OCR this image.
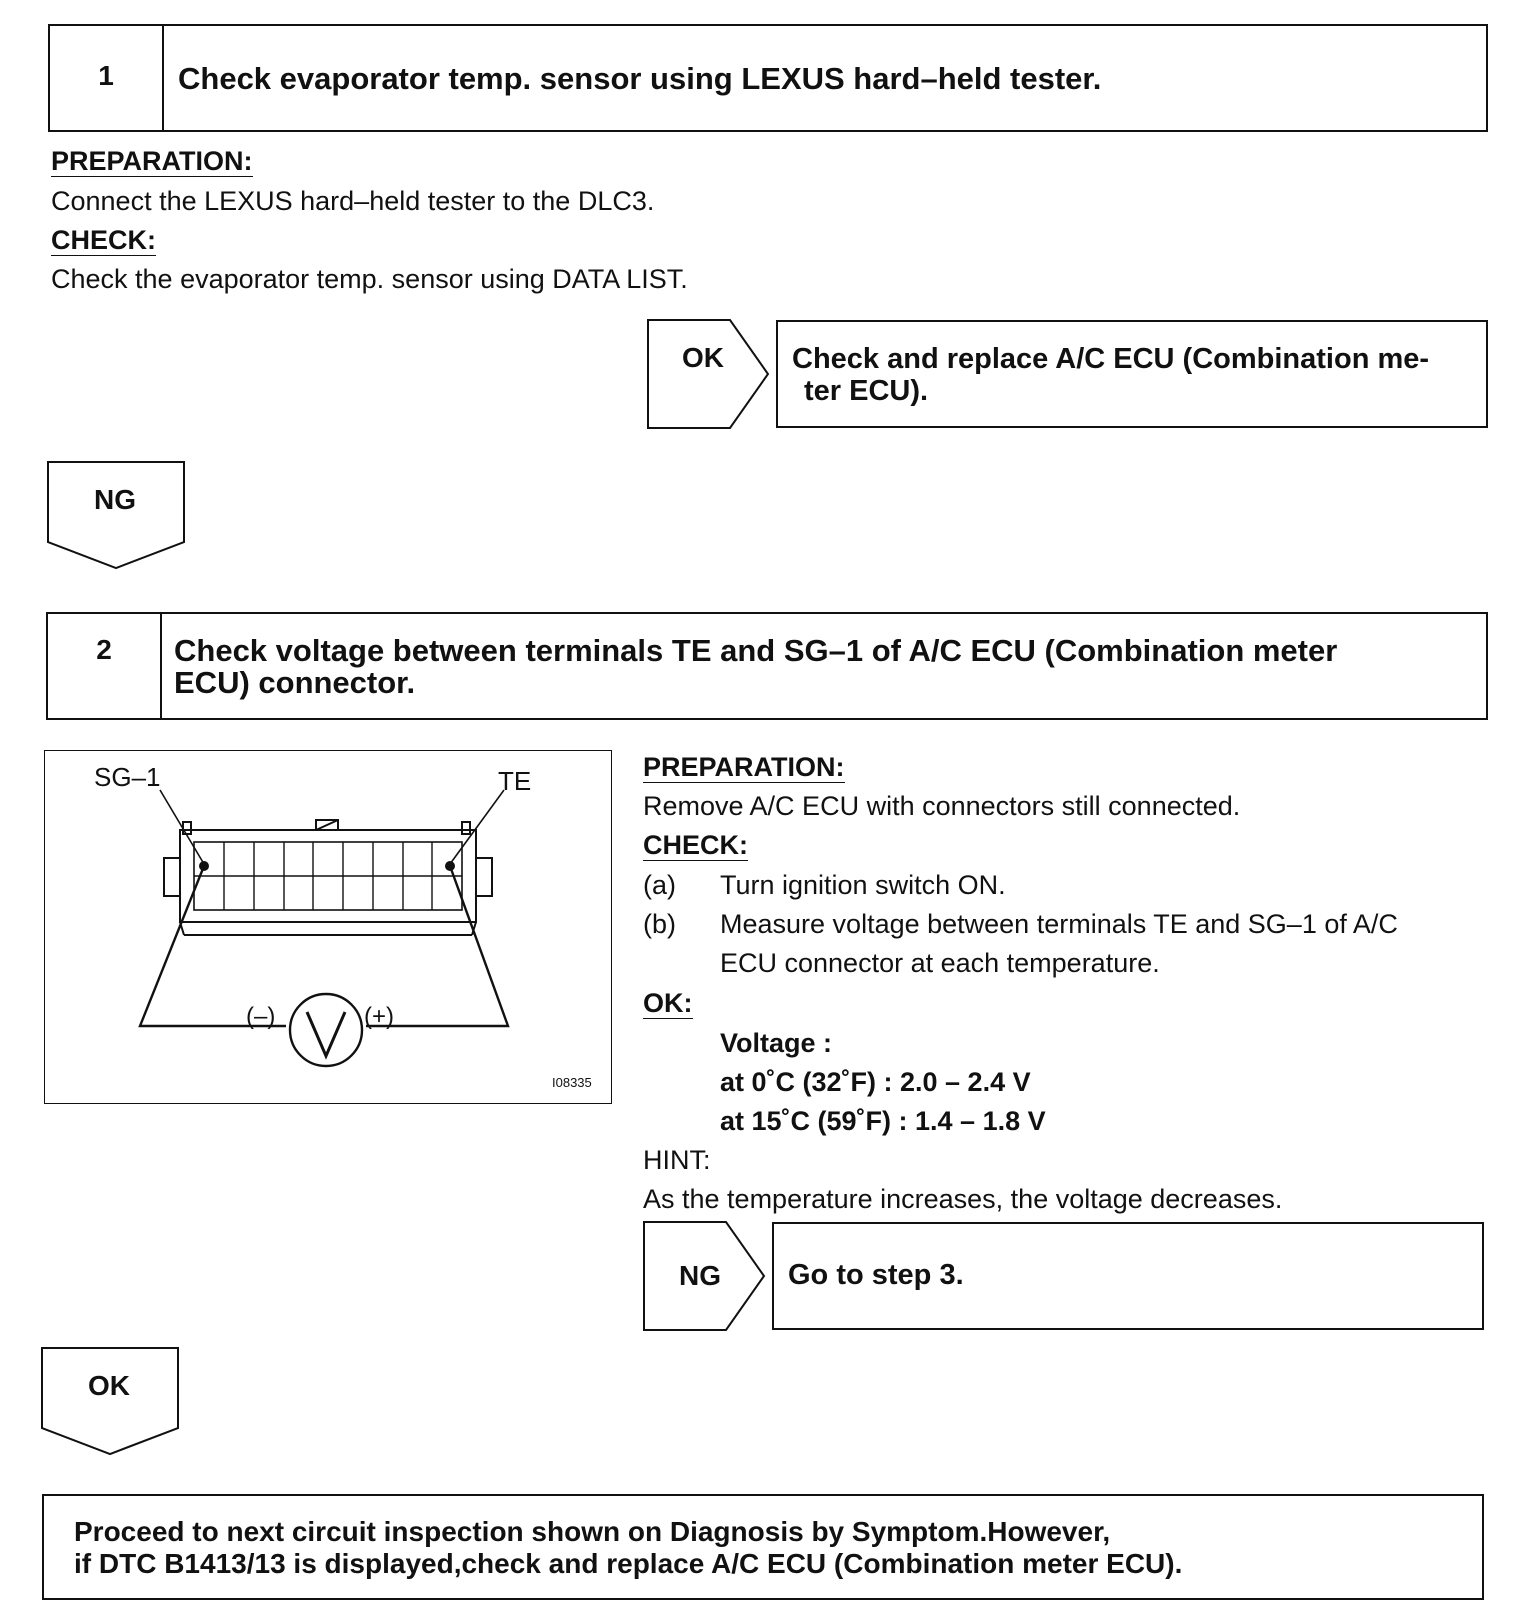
1	Check evaporator temp. sensor using LEXUS hard–held tester.
PREPARATION:
Connect the LEXUS hard–held tester to the DLC3.
CHECK:
Check the evaporator temp. sensor using DATA LIST.
OK	Check and replace A/C ECU (Combination me-
ter ECU).
NG
2	Check voltage between terminals TE and SG–1 of A/C ECU (Combination meter
ECU) connector.
SG–1	TE
(–)	(+)
I08335
PREPARATION:
Remove A/C ECU with connectors still connected.
CHECK:
(a) Turn ignition switch ON.
(b) Measure voltage between terminals TE and SG–1 of A/C
ECU connector at each temperature.
OK:
Voltage :
at 0˚C (32˚F) : 2.0 – 2.4 V
at 15˚C (59˚F) : 1.4 – 1.8 V
HINT:
As the temperature increases, the voltage decreases.
NG	Go to step 3.
OK
Proceed to next circuit inspection shown on Diagnosis by Symptom.However,
if DTC B1413/13 is displayed,check and replace A/C ECU (Combination meter ECU).
